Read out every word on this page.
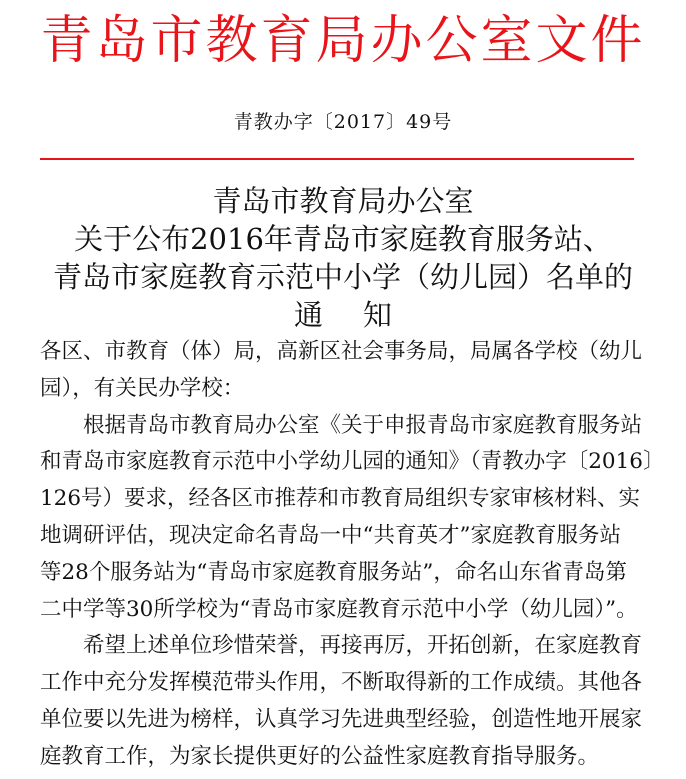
青岛市教育局办公室文件
青教办字〔2017〕49号
青岛市教育局办公室
关于公布2016年青岛市家庭教育服务站、
青岛市家庭教育示范中小学（幼儿园）名单的
通知
各区、市教育（体）局，高新区社会事务局，局属各学校（幼儿
园），有关民办学校：
根据青岛市教育局办公室《关于申报青岛市家庭教育服务站
和青岛市家庭教育示范中小学幼儿园的通知》（青教办字〔2016〕
126号）要求，经各区市推荐和市教育局组织专家审核材料、实
地调研评估，现决定命名青岛一中“共育英才”家庭教育服务站
等28个服务站为“青岛市家庭教育服务站”，命名山东省青岛第
二中学等30所学校为“青岛市家庭教育示范中小学（幼儿园）”。
希望上述单位珍惜荣誉，再接再厉，开拓创新，在家庭教育
工作中充分发挥模范带头作用，不断取得新的工作成绩。其他各
单位要以先进为榜样，认真学习先进典型经验，创造性地开展家
庭教育工作，为家长提供更好的公益性家庭教育指导服务。
